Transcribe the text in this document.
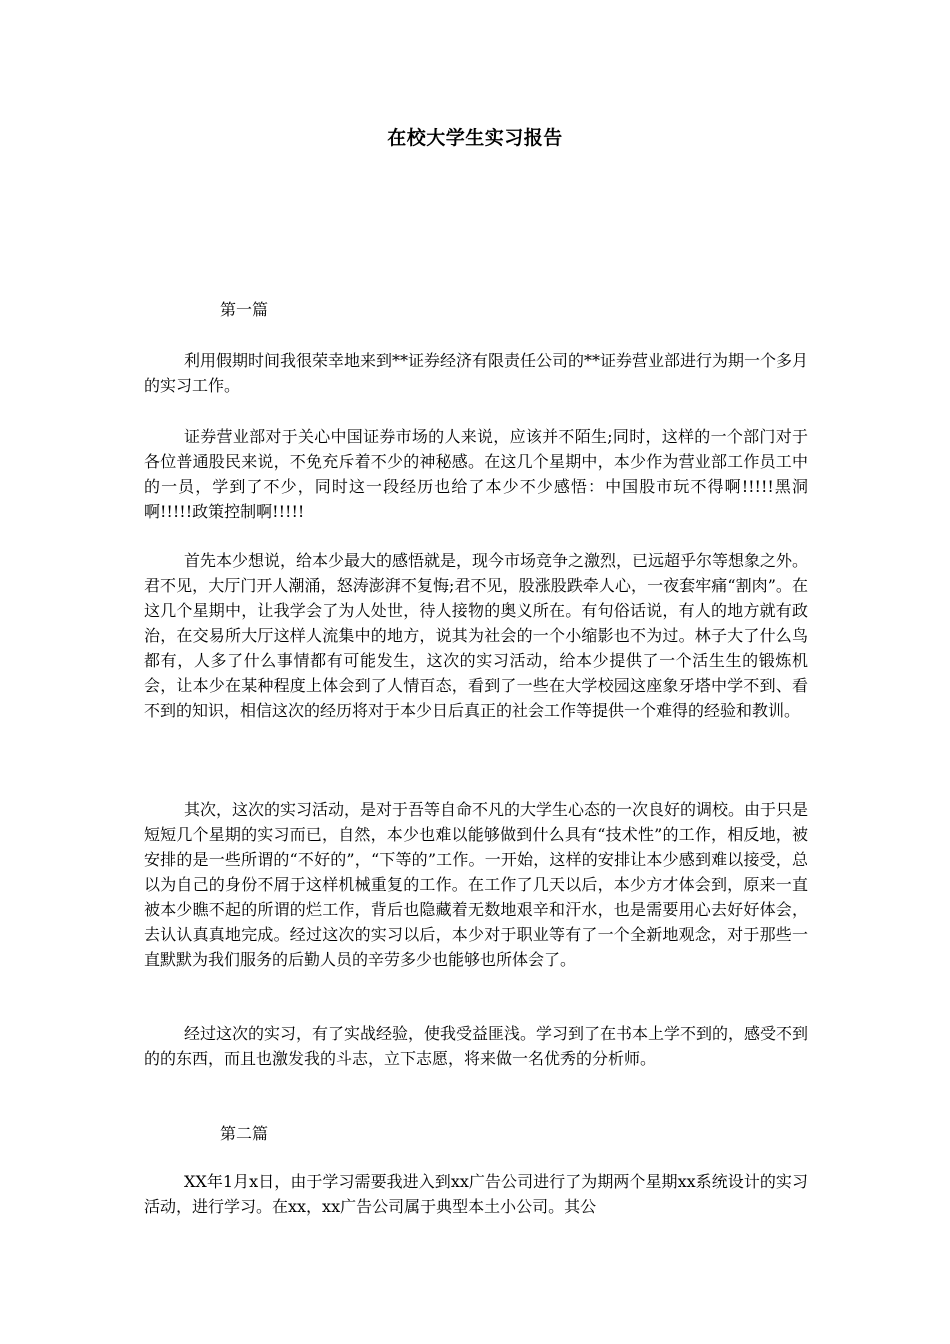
在校大学生实习报告
第一篇

利用假期时间我很荣幸地来到**证券经济有限责任公司的**证券营业部进行为期一个多月的实习工作。

证券营业部对于关心中国证券市场的人来说，应该并不陌生;同时，这样的一个部门对于各位普通股民来说，不免充斥着不少的神秘感。在这几个星期中，本少作为营业部工作员工中的一员，学到了不少，同时这一段经历也给了本少不少感悟：中国股市玩不得啊!!!!!黑洞啊!!!!!政策控制啊!!!!!

首先本少想说，给本少最大的感悟就是，现今市场竞争之激烈，已远超乎尔等想象之外。君不见，大厅门开人潮涌，怒涛澎湃不复悔;君不见，股涨股跌牵人心，一夜套牢痛“割肉”。在这几个星期中，让我学会了为人处世，待人接物的奥义所在。有句俗话说，有人的地方就有政治，在交易所大厅这样人流集中的地方，说其为社会的一个小缩影也不为过。林子大了什么鸟都有，人多了什么事情都有可能发生，这次的实习活动，给本少提供了一个活生生的锻炼机会，让本少在某种程度上体会到了人情百态，看到了一些在大学校园这座象牙塔中学不到、看不到的知识，相信这次的经历将对于本少日后真正的社会工作等提供一个难得的经验和教训。

其次，这次的实习活动，是对于吾等自命不凡的大学生心态的一次良好的调校。由于只是短短几个星期的实习而已，自然，本少也难以能够做到什么具有“技术性”的工作，相反地，被安排的是一些所谓的“不好的”，“下等的”工作。一开始，这样的安排让本少感到难以接受，总以为自己的身份不屑于这样机械重复的工作。在工作了几天以后，本少方才体会到，原来一直被本少瞧不起的所谓的烂工作，背后也隐藏着无数地艰辛和汗水，也是需要用心去好好体会，去认认真真地完成。经过这次的实习以后，本少对于职业等有了一个全新地观念，对于那些一直默默为我们服务的后勤人员的辛劳多少也能够也所体会了。

经过这次的实习，有了实战经验，使我受益匪浅。学习到了在书本上学不到的，感受不到的的东西，而且也激发我的斗志，立下志愿，将来做一名优秀的分析师。

第二篇

XX年1月x日，由于学习需要我进入到xx广告公司进行了为期两个星期xx系统设计的实习活动，进行学习。在xx，xx广告公司属于典型本土小公司。其公
